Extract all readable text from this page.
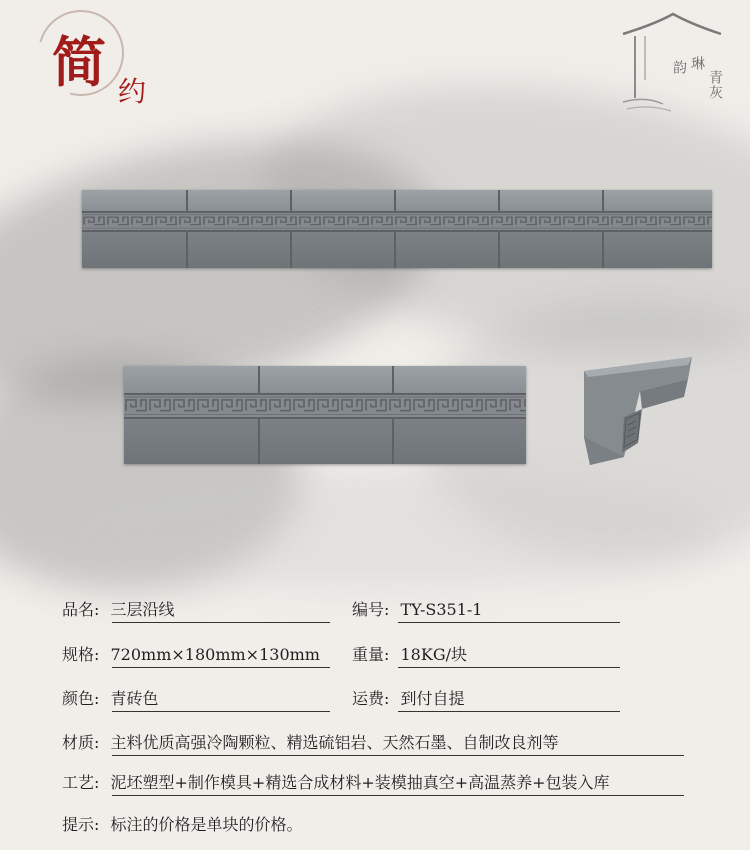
简 约
韵 琳
青灰
品名: 三层沿线	编号: TY-S351-1
规格: 720mm×180mm×130mm 重量: 18KG/块
颜色: 青砖色	运费: 到付自提
材质: 主料优质高强冷陶颗粒、精选硫铝岩、天然石墨、自制改良剂等
工艺: 泥坯塑型+制作模具+精选合成材料+装模抽真空+高温蒸养+包装入库
提示: 标注的价格是单块的价格。
